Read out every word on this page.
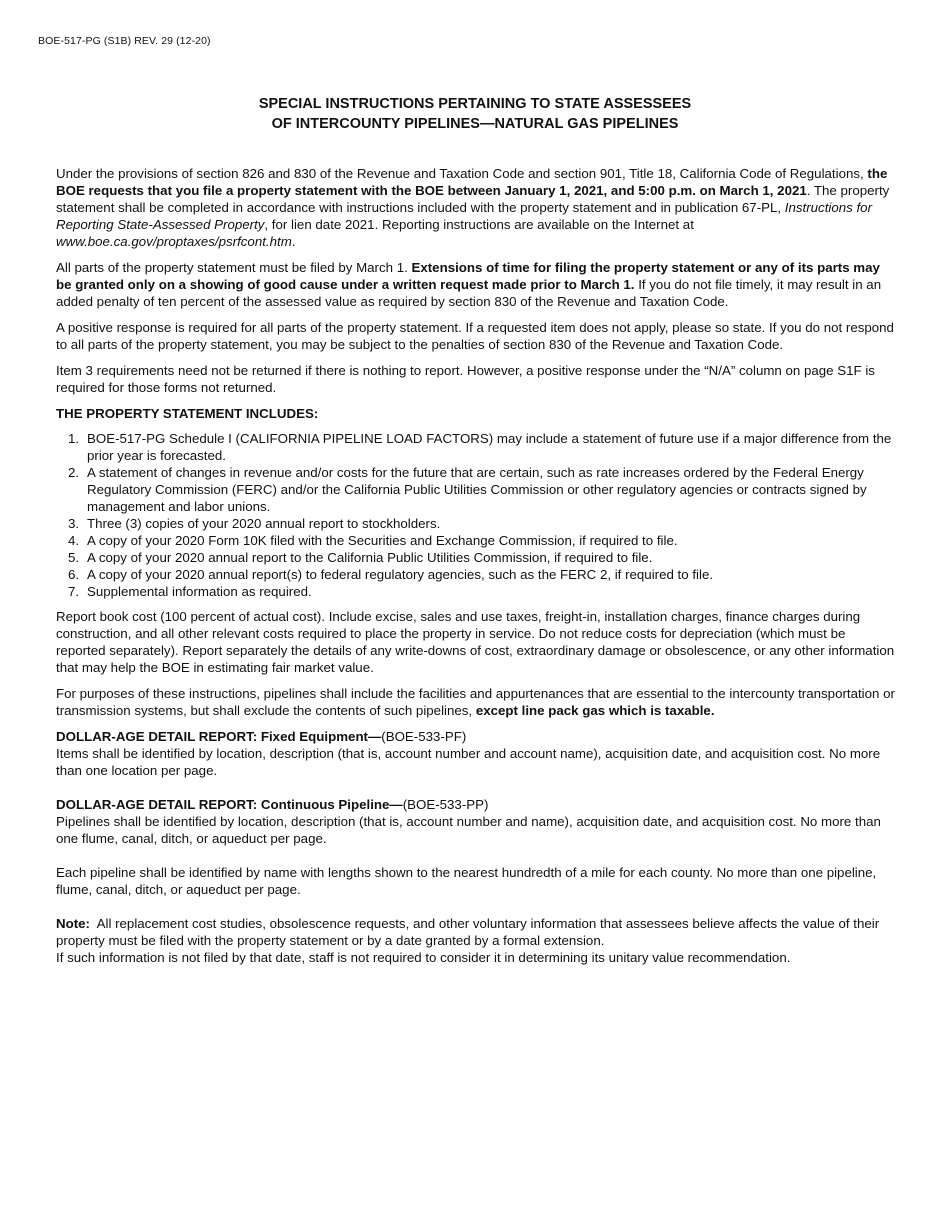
BOE-517-PG (S1B) REV. 29 (12-20)
SPECIAL INSTRUCTIONS PERTAINING TO STATE ASSESSEES
OF INTERCOUNTY PIPELINES—NATURAL GAS PIPELINES

Under the provisions of section 826 and 830 of the Revenue and Taxation Code and section 901, Title 18, California Code of Regulations, the BOE requests that you file a property statement with the BOE between January 1, 2021, and 5:00 p.m. on March 1, 2021. The property statement shall be completed in accordance with instructions included with the property statement and in publication 67-PL, Instructions for Reporting State-Assessed Property, for lien date 2021. Reporting instructions are available on the Internet at www.boe.ca.gov/proptaxes/psrfcont.htm.

All parts of the property statement must be filed by March 1. Extensions of time for filing the property statement or any of its parts may be granted only on a showing of good cause under a written request made prior to March 1. If you do not file timely, it may result in an added penalty of ten percent of the assessed value as required by section 830 of the Revenue and Taxation Code.

A positive response is required for all parts of the property statement. If a requested item does not apply, please so state. If you do not respond to all parts of the property statement, you may be subject to the penalties of section 830 of the Revenue and Taxation Code.

Item 3 requirements need not be returned if there is nothing to report. However, a positive response under the “N/A” column on page S1F is required for those forms not returned.

THE PROPERTY STATEMENT INCLUDES:
1. BOE-517-PG Schedule I (CALIFORNIA PIPELINE LOAD FACTORS) may include a statement of future use if a major difference from the prior year is forecasted.
2. A statement of changes in revenue and/or costs for the future that are certain, such as rate increases ordered by the Federal Energy Regulatory Commission (FERC) and/or the California Public Utilities Commission or other regulatory agencies or contracts signed by management and labor unions.
3. Three (3) copies of your 2020 annual report to stockholders.
4. A copy of your 2020 Form 10K filed with the Securities and Exchange Commission, if required to file.
5. A copy of your 2020 annual report to the California Public Utilities Commission, if required to file.
6. A copy of your 2020 annual report(s) to federal regulatory agencies, such as the FERC 2, if required to file.
7. Supplemental information as required.

Report book cost (100 percent of actual cost). Include excise, sales and use taxes, freight-in, installation charges, finance charges during construction, and all other relevant costs required to place the property in service. Do not reduce costs for depreciation (which must be reported separately). Report separately the details of any write-downs of cost, extraordinary damage or obsolescence, or any other information that may help the BOE in estimating fair market value.

For purposes of these instructions, pipelines shall include the facilities and appurtenances that are essential to the intercounty transportation or transmission systems, but shall exclude the contents of such pipelines, except line pack gas which is taxable.

DOLLAR-AGE DETAIL REPORT: Fixed Equipment—(BOE-533-PF)
Items shall be identified by location, description (that is, account number and account name), acquisition date, and acquisition cost. No more than one location per page.
DOLLAR-AGE DETAIL REPORT: Continuous Pipeline—(BOE-533-PP)
Pipelines shall be identified by location, description (that is, account number and name), acquisition date, and acquisition cost. No more than one flume, canal, ditch, or aqueduct per page.

Each pipeline shall be identified by name with lengths shown to the nearest hundredth of a mile for each county. No more than one pipeline, flume, canal, ditch, or aqueduct per page.

Note: All replacement cost studies, obsolescence requests, and other voluntary information that assessees believe affects the value of their property must be filed with the property statement or by a date granted by a formal extension.
If such information is not filed by that date, staff is not required to consider it in determining its unitary value recommendation.
